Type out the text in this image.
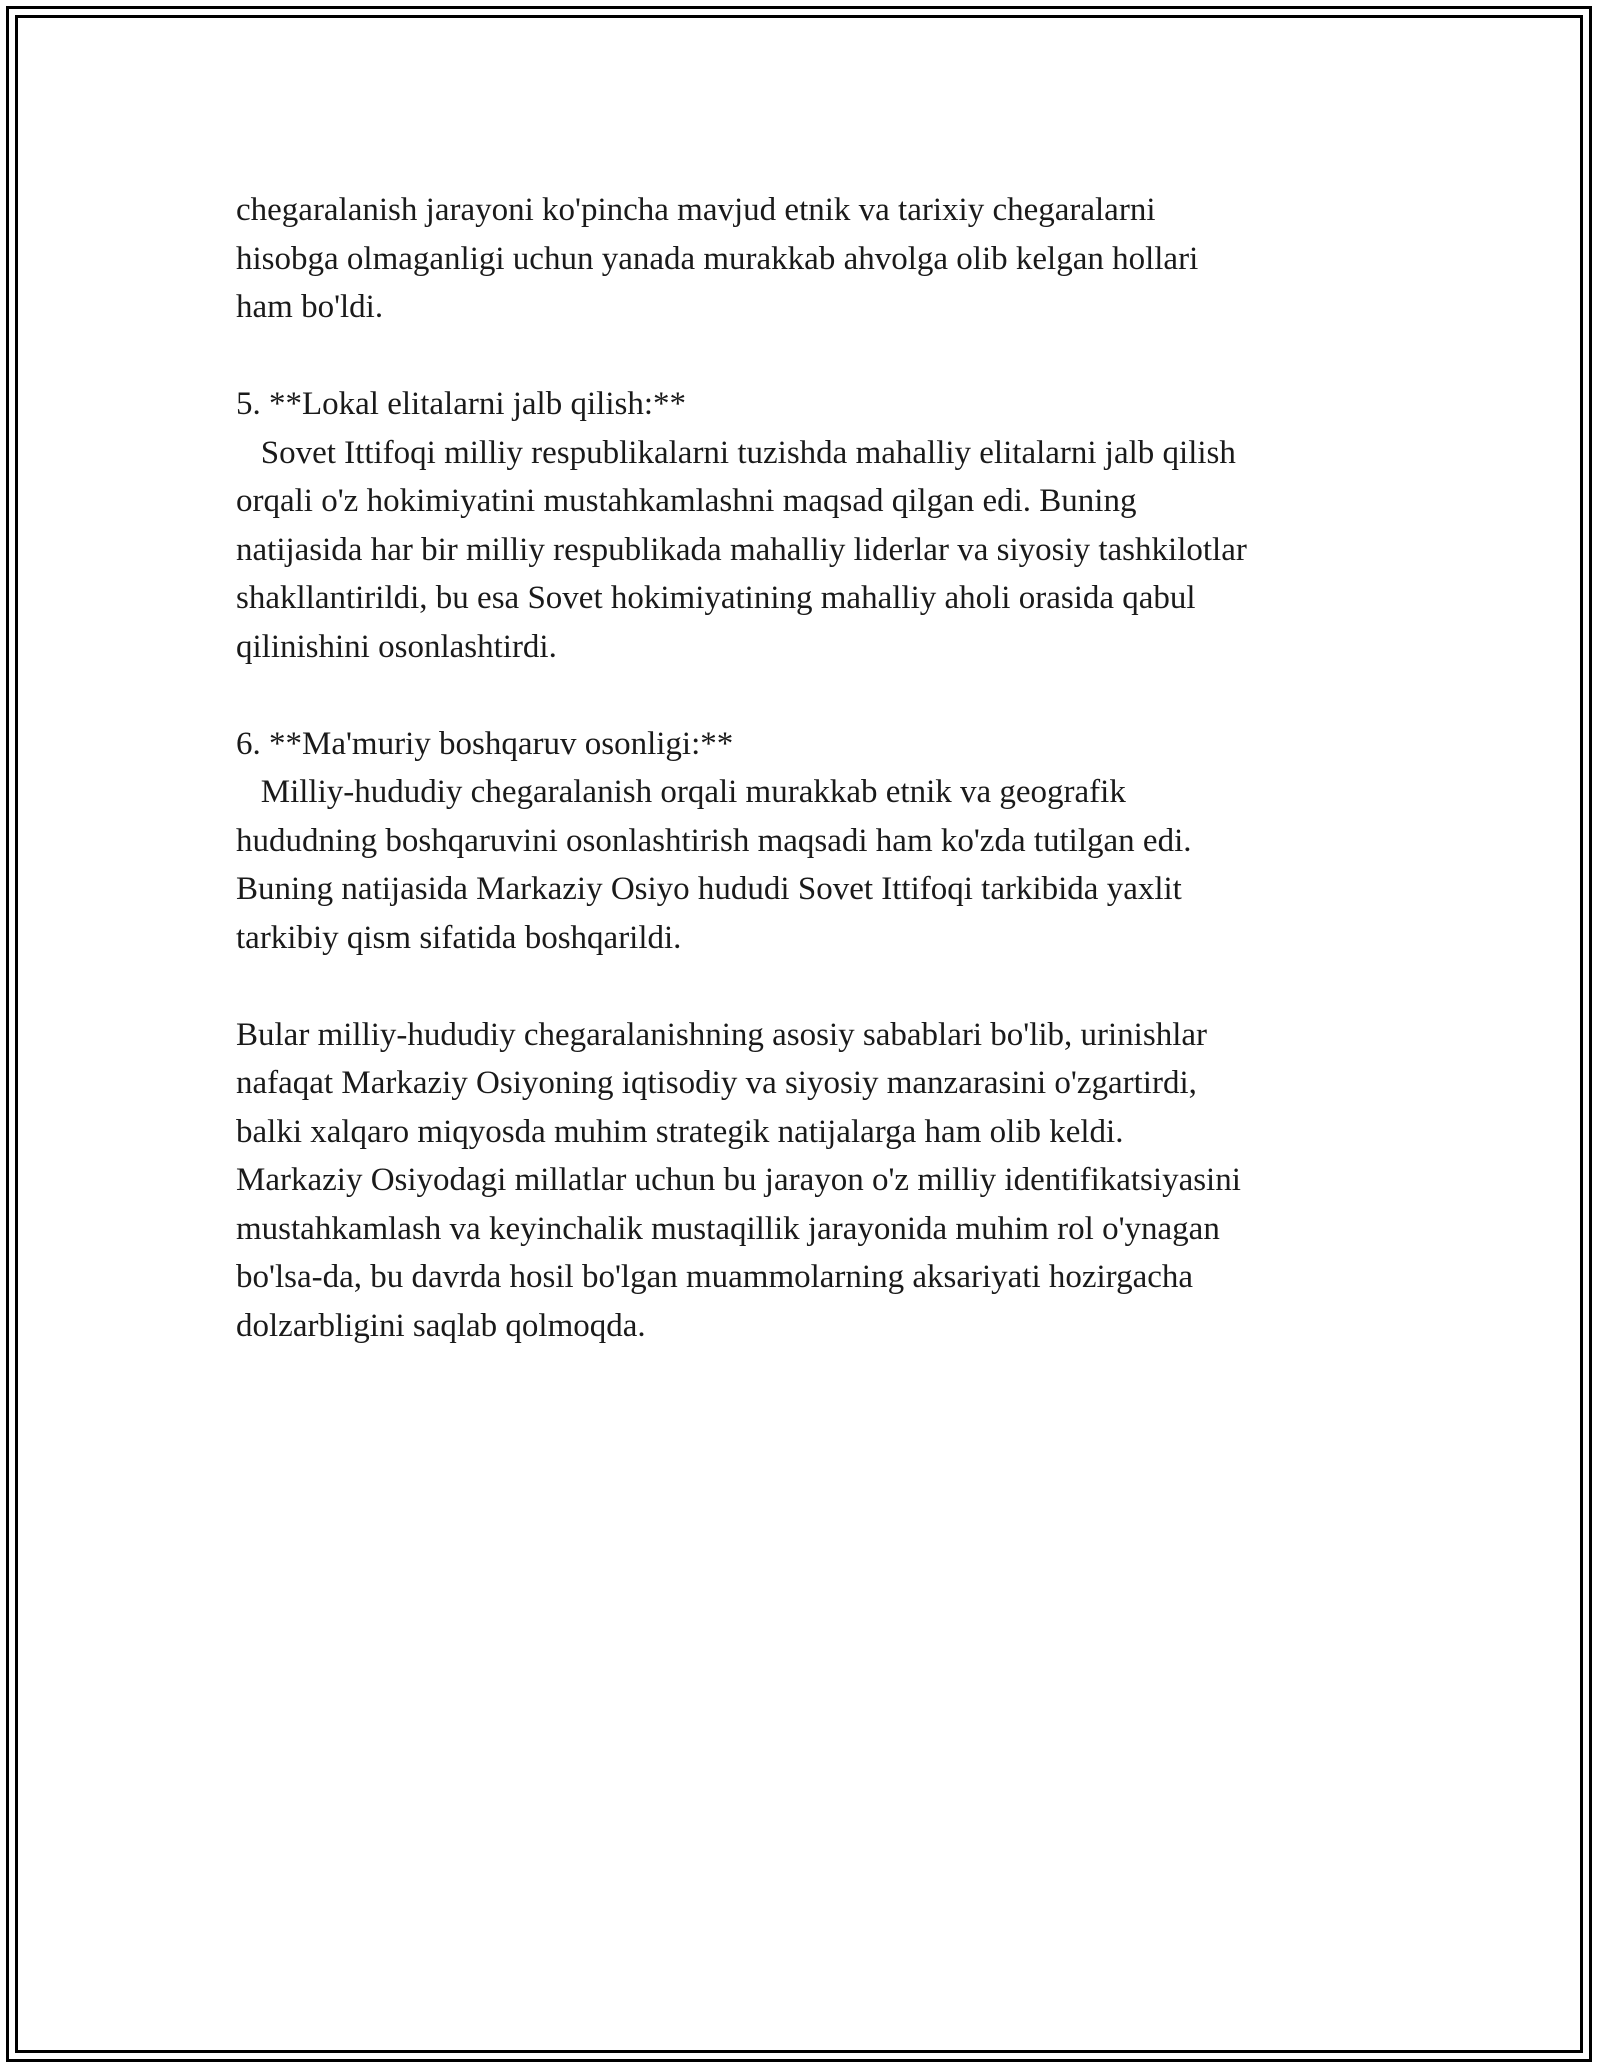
chegaralanish jarayoni ko'pincha mavjud etnik va tarixiy chegaralarni
hisobga olmaganligi uchun yanada murakkab ahvolga olib kelgan hollari
ham bo'ldi.
5. **Lokal elitalarni jalb qilish:**
Sovet Ittifoqi milliy respublikalarni tuzishda mahalliy elitalarni jalb qilish
orqali o'z hokimiyatini mustahkamlashni maqsad qilgan edi. Buning
natijasida har bir milliy respublikada mahalliy liderlar va siyosiy tashkilotlar
shakllantirildi, bu esa Sovet hokimiyatining mahalliy aholi orasida qabul
qilinishini osonlashtirdi.
6. **Ma'muriy boshqaruv osonligi:**
Milliy-hududiy chegaralanish orqali murakkab etnik va geografik
hududning boshqaruvini osonlashtirish maqsadi ham ko'zda tutilgan edi.
Buning natijasida Markaziy Osiyo hududi Sovet Ittifoqi tarkibida yaxlit
tarkibiy qism sifatida boshqarildi.
Bular milliy-hududiy chegaralanishning asosiy sabablari bo'lib, urinishlar
nafaqat Markaziy Osiyoning iqtisodiy va siyosiy manzarasini o'zgartirdi,
balki xalqaro miqyosda muhim strategik natijalarga ham olib keldi.
Markaziy Osiyodagi millatlar uchun bu jarayon o'z milliy identifikatsiyasini
mustahkamlash va keyinchalik mustaqillik jarayonida muhim rol o'ynagan
bo'lsa-da, bu davrda hosil bo'lgan muammolarning aksariyati hozirgacha
dolzarbligini saqlab qolmoqda.
